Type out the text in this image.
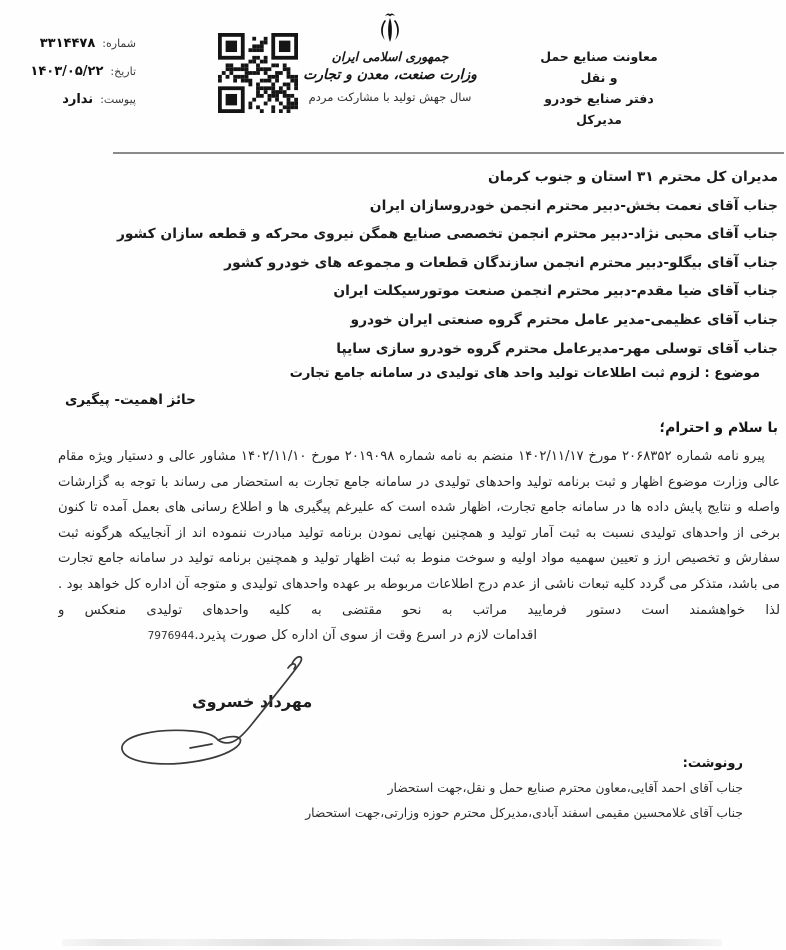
شماره:
۳۳۱۴۴۷۸
تاریخ:
۱۴۰۳/۰۵/۲۲
پیوست:
ندارد
جمهوری اسلامی ایران
وزارت صنعت، معدن و تجارت
سال جهش تولید با مشارکت مردم
معاونت صنایع حمل و نقل
دفتر صنایع خودرو
مدیرکل
مدیران کل محترم ۳۱ استان و جنوب کرمان
جناب آقای نعمت بخش-دبیر محترم انجمن خودروسازان ایران
جناب آقای محبی نژاد-دبیر محترم انجمن تخصصی صنایع همگن نیروی محرکه و قطعه سازان کشور
جناب آقای بیگلو-دبیر محترم انجمن سازندگان قطعات و مجموعه های خودرو کشور
جناب آقای ضیا مقدم-دبیر محترم انجمن صنعت موتورسیکلت ایران
جناب آقای عظیمی-مدیر عامل محترم گروه صنعتی ایران خودرو
جناب آقای توسلی مهر-مدیرعامل محترم گروه خودرو سازی سایپا
موضوع : لزوم ثبت اطلاعات تولید واحد های تولیدی در سامانه جامع تجارت
حائز اهمیت- پیگیری
با سلام و احترام؛

پیرو نامه شماره ۲۰۶۸۳۵۲ مورخ ۱۴۰۲/۱۱/۱۷ منضم به نامه شماره ۲۰۱۹۰۹۸ مورخ ۱۴۰۲/۱۱/۱۰ مشاور عالی و دستیار ویژه مقام عالی وزارت موضوع اظهار و ثبت برنامه تولید واحدهای تولیدی در سامانه جامع تجارت به استحضار می رساند با توجه به گزارشات واصله و نتایج پایش داده ها در سامانه جامع تجارت، اظهار شده است که علیرغم پیگیری ها و اطلاع رسانی های بعمل آمده تا کنون برخی از واحدهای تولیدی نسبت به ثبت آمار تولید و همچنین نهایی نمودن برنامه تولید مبادرت ننموده اند از آنجاییکه هرگونه ثبت سفارش و تخصیص ارز و تعیین سهمیه مواد اولیه و سوخت منوط به ثبت اظهار تولید و همچنین برنامه تولید در سامانه جامع تجارت می باشد، متذکر می گردد کلیه تبعات ناشی از عدم درج اطلاعات مربوطه بر عهده واحدهای تولیدی و متوجه آن اداره کل خواهد بود . لذا خواهشمند است دستور فرمایید مراتب به نحو مقتضی به کلیه واحدهای تولیدی منعکس و

اقدامات لازم در اسرع وقت از سوی آن اداره کل صورت پذیرد.7976944
مهرداد خسروی
رونوشت:
جناب آقای احمد آقایی،معاون محترم صنایع حمل و نقل،جهت استحضار
جناب آقای غلامحسین مقیمی اسفند آبادی،مدیرکل محترم حوزه وزارتی،جهت استحضار
